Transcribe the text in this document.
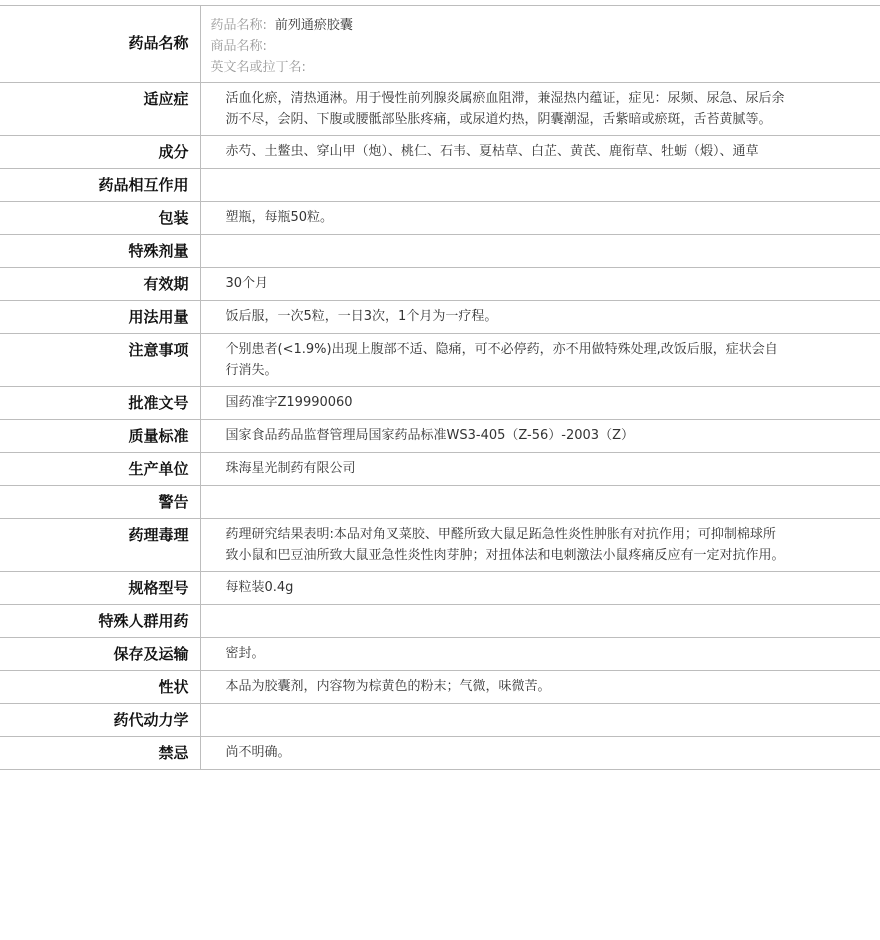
药品名称	药品名称: 前列通瘀胶囊
商品名称:
英文名或拉丁名:

适应症	活血化瘀，清热通淋。用于慢性前列腺炎属瘀血阻滞，兼湿热内蕴证，症见：尿频、尿急、尿后余沥不尽，会阴、下腹或腰骶部坠胀疼痛，或尿道灼热，阴囊潮湿，舌紫暗或瘀斑，舌苔黄腻等。

成分	赤芍、土鳖虫、穿山甲（炮）、桃仁、石韦、夏枯草、白芷、黄芪、鹿衔草、牡蛎（煅）、通草

药品相互作用	

包装	塑瓶，每瓶50粒。

特殊剂量	

有效期	30个月

用法用量	饭后服，一次5粒，一日3次，1个月为一疗程。

注意事项	个别患者(<1.9%)出现上腹部不适、隐痛，可不必停药，亦不用做特殊处理,改饭后服，症状会自行消失。

批准文号	国药准字Z19990060

质量标准	国家食品药品监督管理局国家药品标准WS3-405（Z-56）-2003（Z）

生产单位	珠海星光制药有限公司

警告	

药理毒理	药理研究结果表明:本品对角叉菜胶、甲醛所致大鼠足跖急性炎性肿胀有对抗作用；可抑制棉球所致小鼠和巴豆油所致大鼠亚急性炎性肉芽肿；对扭体法和电刺激法小鼠疼痛反应有一定对抗作用。

规格型号	每粒装0.4g

特殊人群用药	

保存及运输	密封。

性状	本品为胶囊剂，内容物为棕黄色的粉末；气微，味微苦。

药代动力学	

禁忌	尚不明确。
